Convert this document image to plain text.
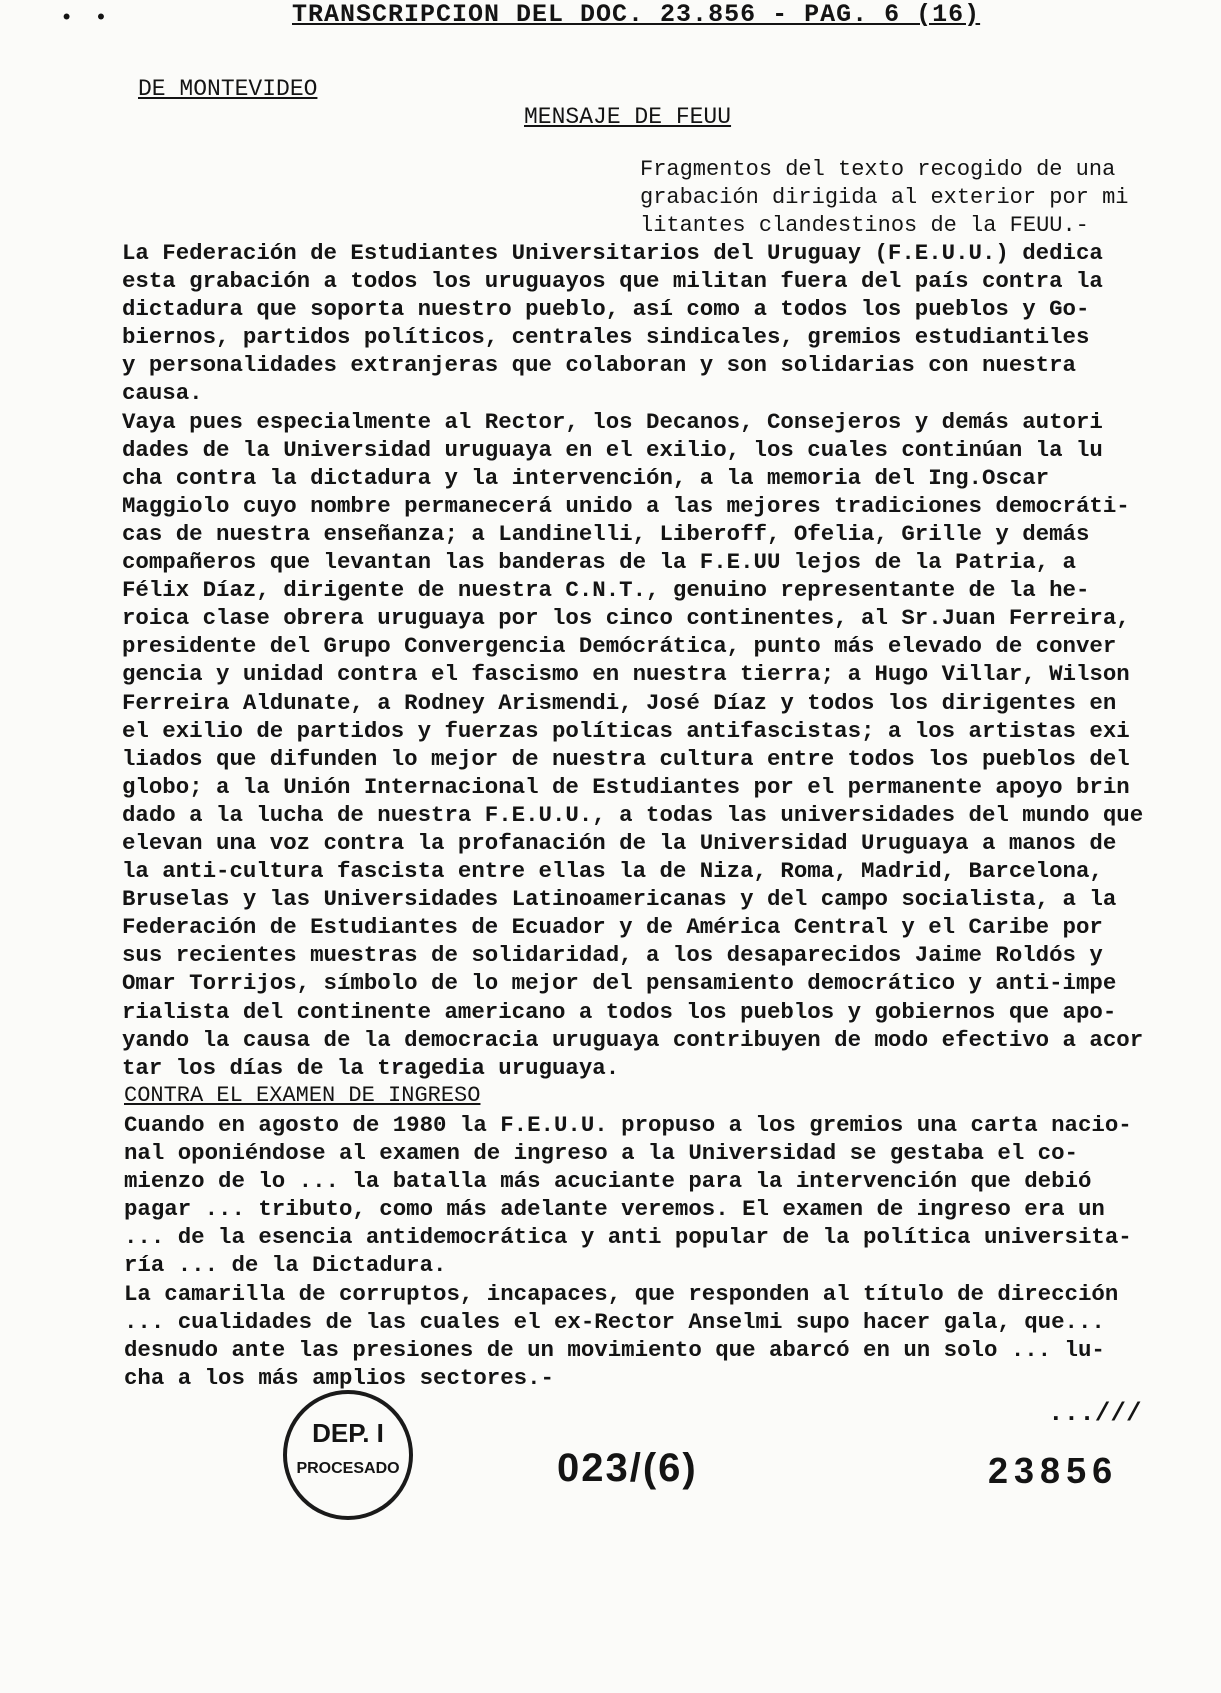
• •	TRANSCRIPCION DEL DOC. 23.856 - PAG. 6 (16)
DE MONTEVIDEO
MENSAJE DE FEUU
Fragmentos del texto recogido de una
grabación dirigida al exterior por mi
litantes clandestinos de la FEUU.-
La Federación de Estudiantes Universitarios del Uruguay (F.E.U.U.) dedica
esta grabación a todos los uruguayos que militan fuera del país contra la
dictadura que soporta nuestro pueblo, así como a todos los pueblos y Go-
biernos, partidos políticos, centrales sindicales, gremios estudiantiles
y personalidades extranjeras que colaboran y son solidarias con nuestra
causa.
Vaya pues especialmente al Rector, los Decanos, Consejeros y demás autori
dades de la Universidad uruguaya en el exilio, los cuales continúan la lu
cha contra la dictadura y la intervención, a la memoria del Ing.Oscar
Maggiolo cuyo nombre permanecerá unido a las mejores tradiciones democráti-
cas de nuestra enseñanza; a Landinelli, Liberoff, Ofelia, Grille y demás
compañeros que levantan las banderas de la F.E.UU lejos de la Patria, a
Félix Díaz, dirigente de nuestra C.N.T., genuino representante de la he-
roica clase obrera uruguaya por los cinco continentes, al Sr.Juan Ferreira,
presidente del Grupo Convergencia Demócrática, punto más elevado de conver
gencia y unidad contra el fascismo en nuestra tierra; a Hugo Villar, Wilson
Ferreira Aldunate, a Rodney Arismendi, José Díaz y todos los dirigentes en
el exilio de partidos y fuerzas políticas antifascistas; a los artistas exi
liados que difunden lo mejor de nuestra cultura entre todos los pueblos del
globo; a la Unión Internacional de Estudiantes por el permanente apoyo brin
dado a la lucha de nuestra F.E.U.U., a todas las universidades del mundo que
elevan una voz contra la profanación de la Universidad Uruguaya a manos de
la anti-cultura fascista entre ellas la de Niza, Roma, Madrid, Barcelona,
Bruselas y las Universidades Latinoamericanas y del campo socialista, a la
Federación de Estudiantes de Ecuador y de América Central y el Caribe por
sus recientes muestras de solidaridad, a los desaparecidos Jaime Roldós y
Omar Torrijos, símbolo de lo mejor del pensamiento democrático y anti-impe
rialista del continente americano a todos los pueblos y gobiernos que apo-
yando la causa de la democracia uruguaya contribuyen de modo efectivo a acor
tar los días de la tragedia uruguaya.
CONTRA EL EXAMEN DE INGRESO
Cuando en agosto de 1980 la F.E.U.U. propuso a los gremios una carta nacio-
nal oponiéndose al examen de ingreso a la Universidad se gestaba el co-
mienzo de lo ... la batalla más acuciante para la intervención que debió
pagar ... tributo, como más adelante veremos. El examen de ingreso era un
... de la esencia antidemocrática y anti popular de la política universita-
ría ... de la Dictadura.
La camarilla de corruptos, incapaces, que responden al título de dirección
... cualidades de las cuales el ex-Rector Anselmi supo hacer gala, que...
desnudo ante las presiones de un movimiento que abarcó en un solo ... lu-
cha a los más amplios sectores.-
DEP. I
PROCESADO	023/(6)
...///
23856
